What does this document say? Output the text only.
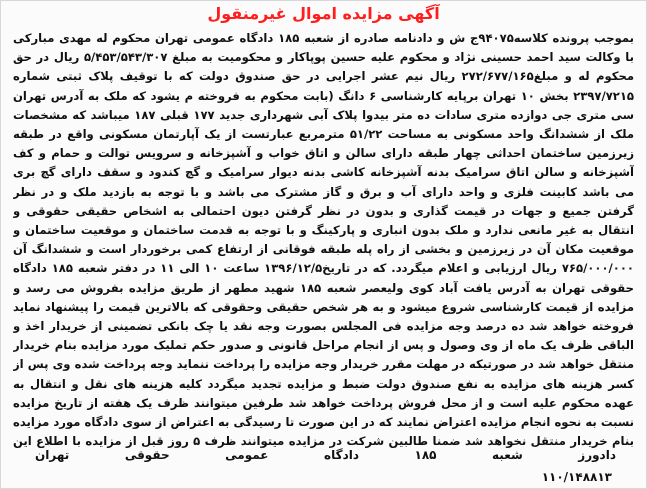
آگهی مزایده اموال غیرمنقول
بموجب پرونده کلاسه۹۴۰۷۵ج ش و دادنامه صادره از شعبه ۱۸۵ دادگاه عمومی تهران محکوم له مهدی مبارکی با وکالت سید احمد حسینی نژاد و محکوم علیه حسین پوپاکار و محکومیت به مبلغ ۵/۴۵۳/۵۴۳/۳۰۷ ریال در حق محکوم له و مبلغ۲۷۲/۶۷۷/۱۶۵ ریال نیم عشر اجرایی در حق صندوق دولت که با توقیف پلاک ثبتی شماره ۲۳۹۷/۷۲۱۵ بخش ۱۰ تهران برپایه کارشناسی ۶ دانگ (بابت محکوم به فروخته م یشود که ملک به آدرس تهران سی متری جی دوازده متری سادات ده متر بیدوا پلاک آبی شهرداری جدید ۱۷۷ قبلی ۱۸۷ میباشد که مشخصات ملک از ششدانگ واحد مسکونی به مساحت ۵۱/۲۲ مترمربع عبارتست از یک آپارتمان مسکونی واقع در طبقه زیرزمین ساختمان احداثی چهار طبقه دارای سالن و اتاق خواب و آشپزخانه و سرویس توالت و حمام و کف آشپزخانه و سالن اتاق سرامیک بدنه آشپزخانه کاشی بدنه دیوار سرامیک و گچ کندود و سقف دارای گچ بری می باشد کابینت فلزی و واحد دارای آب و برق و گاز مشترک می باشد و با توجه به بازدید ملک و در نظر گرفتن جمیع و جهات در قیمت گذاری و بدون در نظر گرفتن دیون احتمالی به اشخاص حقیقی حقوقی و انتقال به غیر مانعی ندارد و ملک بدون انباری و پارکینگ و با توجه به قدمت ساختمان و موقعیت ساختمان و موقعیت مکان آن در زیرزمین و بخشی از راه پله طبقه فوقانی از ارتفاع کمی برخوردار است و ششدانگ آن ۷۶۵/۰۰۰/۰۰۰ ریال ارزیابی و اعلام میگردد. که در تاریخ۱۳۹۶/۱۲/۵ ساعت ۱۰ الی ۱۱ در دفتر شعبه ۱۸۵ دادگاه حقوقی تهران به آدرس یافت آباد کوی ولیعصر شعبه ۱۸۵ شهید مطهر از طریق مزایده بفروش می رسد و مزایده از قیمت کارشناسی شروع میشود و به هر شخص حقیقی وحقوقی که بالاترین قیمت را پیشنهاد نماید فروخته خواهد شد ده درصد وجه مزایده فی المجلس بصورت وجه نقد یا چک بانکی تضمینی از خریدار اخذ و الباقی ظرف یک ماه از وی وصول و پس از انجام مراحل قانونی و صدور حکم تملیک مورد مزایده بنام خریدار منتقل خواهد شد در صورتیکه در مهلت مقرر خریدار وجه مزایده را پرداخت ننماید وجه پرداخت شده وی پس از کسر هزینه های مزایده به نفع صندوق دولت ضبط و مزایده تجدید میگردد کلیه هزینه های نقل و انتقال به عهده محکوم علیه است و از محل فروش پرداخت خواهد شد طرفین میتوانند ظرف یک هفته از تاریخ مزایده نسبت به نحوه انجام مزایده اعتراض نمایند که در این صورت تا رسیدگی به اعتراض از سوی دادگاه مورد مزایده بنام خریدار منتقل نخواهد شد ضمنا طالبین شرکت در مزایده میتوانند ظرف ۵ روز قبل از مزایده با اطلاع این
دادورز
شعبه
۱۸۵
دادگاه
عمومی
حقوقی
تهران
۱۱۰/۱۴۸۸۱۳
